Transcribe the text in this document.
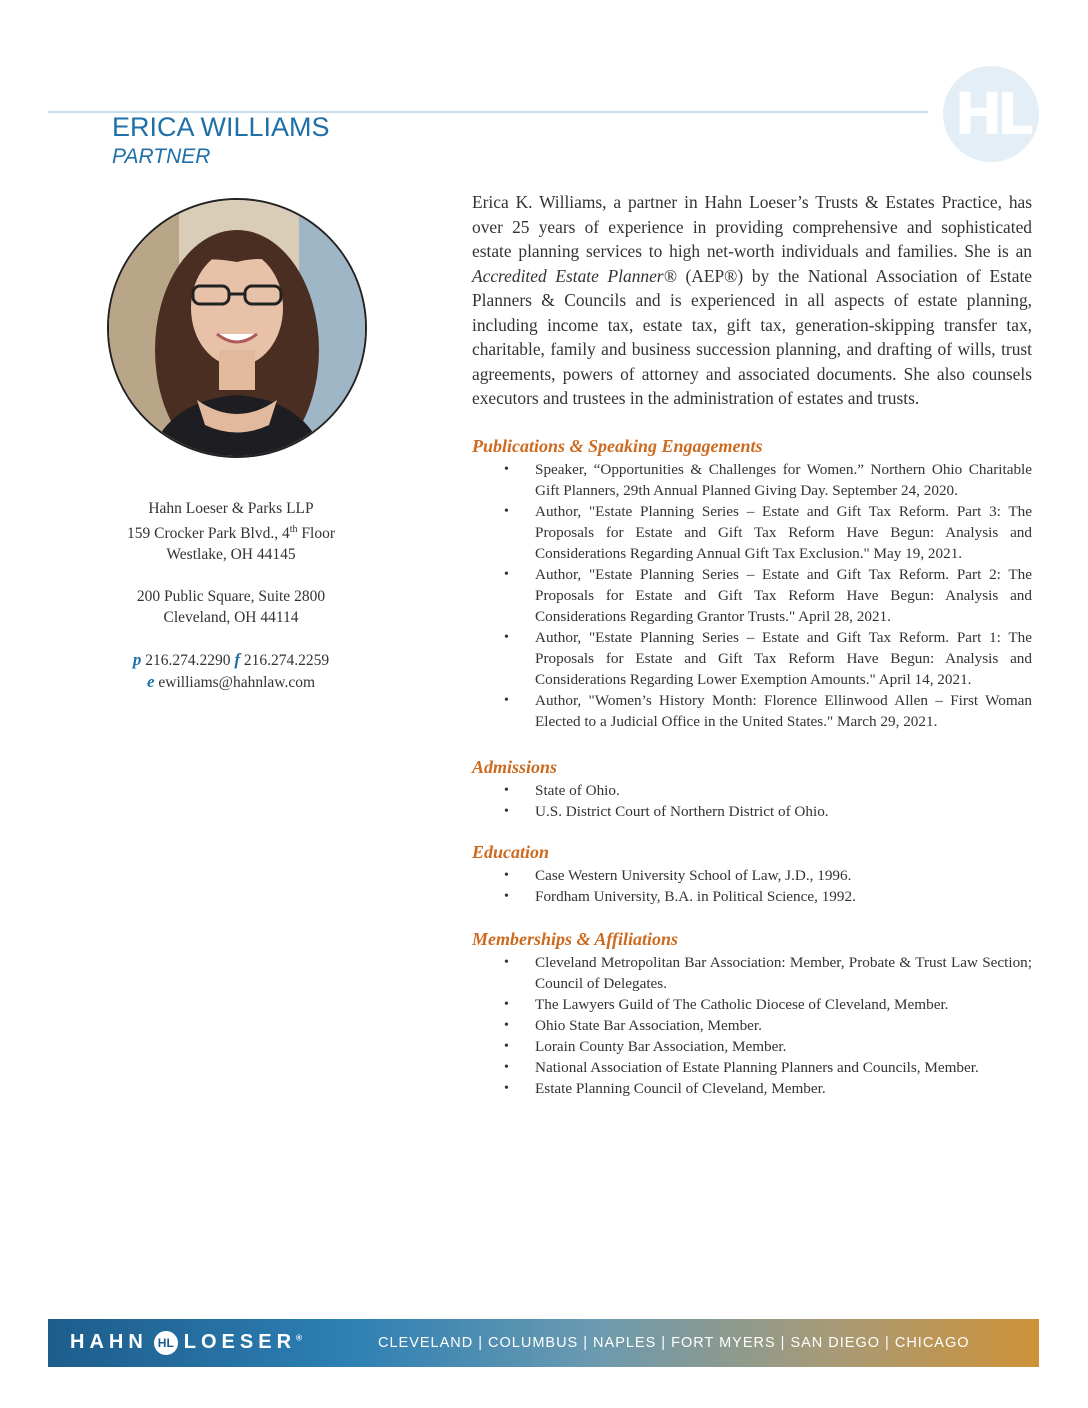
HL
ERICA WILLIAMS
PARTNER
Hahn Loeser & Parks LLP
159 Crocker Park Blvd., 4th Floor
Westlake, OH 44145
200 Public Square, Suite 2800
Cleveland, OH 44114
p 216.274.2290 f 216.274.2259
e ewilliams@hahnlaw.com

Erica K. Williams, a partner in Hahn Loeser’s Trusts & Estates Practice, has over 25 years of experience in providing comprehensive and sophisticated estate planning services to high net-worth individuals and families. She is an Accredited Estate Planner® (AEP®) by the National Association of Estate Planners & Councils and is experienced in all aspects of estate planning, including income tax, estate tax, gift tax, generation-skipping transfer tax, charitable, family and business succession planning, and drafting of wills, trust agreements, powers of attorney and associated documents. She also counsels executors and trustees in the administration of estates and trusts.

Publications & Speaking Engagements
• Speaker, “Opportunities & Challenges for Women.” Northern Ohio Charitable Gift Planners, 29th Annual Planned Giving Day. September 24, 2020.
• Author, "Estate Planning Series – Estate and Gift Tax Reform. Part 3: The Proposals for Estate and Gift Tax Reform Have Begun: Analysis and Considerations Regarding Annual Gift Tax Exclusion." May 19, 2021.
• Author, "Estate Planning Series – Estate and Gift Tax Reform. Part 2: The Proposals for Estate and Gift Tax Reform Have Begun: Analysis and Considerations Regarding Grantor Trusts." April 28, 2021.
• Author, "Estate Planning Series – Estate and Gift Tax Reform. Part 1: The Proposals for Estate and Gift Tax Reform Have Begun: Analysis and Considerations Regarding Lower Exemption Amounts." April 14, 2021.
• Author, "Women’s History Month: Florence Ellinwood Allen – First Woman Elected to a Judicial Office in the United States." March 29, 2021.
Admissions
• State of Ohio.
• U.S. District Court of Northern District of Ohio.
Education
• Case Western University School of Law, J.D., 1996.
• Fordham University, B.A. in Political Science, 1992.
Memberships & Affiliations
• Cleveland Metropolitan Bar Association: Member, Probate & Trust Law Section; Council of Delegates.
• The Lawyers Guild of The Catholic Diocese of Cleveland, Member.
• Ohio State Bar Association, Member.
• Lorain County Bar Association, Member.
• National Association of Estate Planning Planners and Councils, Member.
• Estate Planning Council of Cleveland, Member.
HAHN HL LOESER®	CLEVELAND | COLUMBUS | NAPLES | FORT MYERS | SAN DIEGO | CHICAGO
